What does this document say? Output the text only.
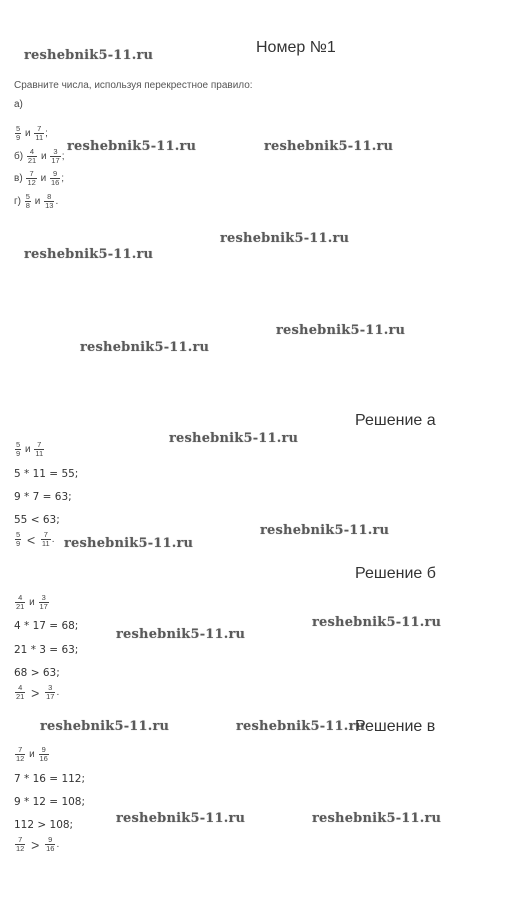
reshebnik5-11.ru	Номер №1
Сравните числа, используя перекрестное правило:
а)
$\frac{5}{9}$ и $\frac{7}{11}$ ;
$б) \frac{4}{21}$ и $\frac{3}{17}$ ;
$в) \frac{7}{12}$ и $\frac{9}{16}$ ;
$г) \frac{5}{8}$ и $\frac{8}{13}$ .
reshebnik5-11.ru	reshebnik5-11.ru
reshebnik5-11.ru
reshebnik5-11.ru
reshebnik5-11.ru
reshebnik5-11.ru
reshebnik5-11.ru
reshebnik5-11.ru
reshebnik5-11.ru
reshebnik5-11.ru
reshebnik5-11.ru
reshebnik5-11.ru	reshebnik5-11.ru
reshebnik5-11.ru	reshebnik5-11.ru
Решение а
$\frac{5}{9}$ и $\frac{7}{11}$
5 * 11 = 55;
9 * 7 = 63;
55 < 63;
$\frac{5}{9} < \frac{7}{11}$ .
Решение б
$\frac{4}{21}$ и $\frac{3}{17}$
4 * 17 = 68;
21 * 3 = 63;
68 > 63;
$\frac{4}{21} > \frac{3}{17}$ .
Решение в
$\frac{7}{12}$ и $\frac{9}{16}$
7 * 16 = 112;
9 * 12 = 108;
112 > 108;
$\frac{7}{12} > \frac{9}{16}$ .
